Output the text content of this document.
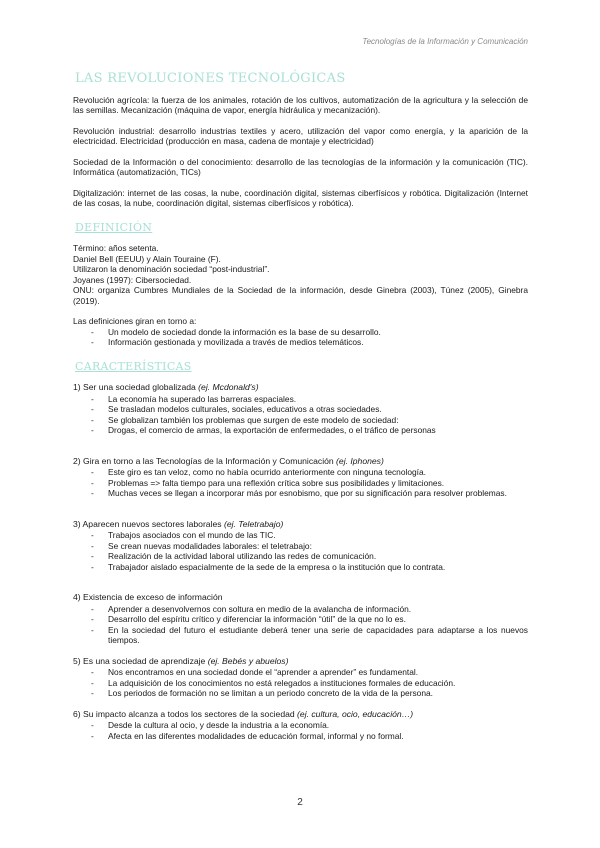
Tecnologías de la Información y Comunicación
LAS REVOLUCIONES TECNOLÓGICAS

Revolución agrícola: la fuerza de los animales, rotación de los cultivos, automatización de la agricultura y la selección de las semillas. Mecanización (máquina de vapor, energía hidráulica y mecanización).

Revolución industrial: desarrollo industrias textiles y acero, utilización del vapor como energía, y la aparición de la electricidad. Electricidad (producción en masa, cadena de montaje y electricidad)

Sociedad de la Información o del conocimiento: desarrollo de las tecnologías de la información y la comunicación (TIC). Informática (automatización, TICs)

Digitalización: internet de las cosas, la nube, coordinación digital, sistemas ciberfísicos y robótica. Digitalización (Internet de las cosas, la nube, coordinación digital, sistemas ciberfísicos y robótica).

DEFINICIÓN

Término: años setenta.

Daniel Bell (EEUU) y Alain Touraine (F).

Utilizaron la denominación sociedad “post-industrial”.

Joyanes (1997): Cibersociedad.

ONU: organiza Cumbres Mundiales de la Sociedad de la información, desde Ginebra (2003), Túnez (2005), Ginebra (2019).

Las definiciones giran en torno a:

- Un modelo de sociedad donde la información es la base de su desarrollo.
- Información gestionada y movilizada a través de medios telemáticos.
CARACTERÍSTICAS
1) Ser una sociedad globalizada (ej. Mcdonald's)
- La economía ha superado las barreras espaciales.
- Se trasladan modelos culturales, sociales, educativos a otras sociedades.
- Se globalizan también los problemas que surgen de este modelo de sociedad:
- Drogas, el comercio de armas, la exportación de enfermedades, o el tráfico de personas
2) Gira en torno a las Tecnologías de la Información y Comunicación (ej. Iphones)
- Este giro es tan veloz, como no había ocurrido anteriormente con ninguna tecnología.
- Problemas => falta tiempo para una reflexión crítica sobre sus posibilidades y limitaciones.
- Muchas veces se llegan a incorporar más por esnobismo, que por su significación para resolver problemas.
3) Aparecen nuevos sectores laborales (ej. Teletrabajo)
- Trabajos asociados con el mundo de las TIC.
- Se crean nuevas modalidades laborales: el teletrabajo:
- Realización de la actividad laboral utilizando las redes de comunicación.
- Trabajador aislado espacialmente de la sede de la empresa o la institución que lo contrata.
4) Existencia de exceso de información
- Aprender a desenvolvernos con soltura en medio de la avalancha de información.
- Desarrollo del espíritu crítico y diferenciar la información “útil” de la que no lo es.
- En la sociedad del futuro el estudiante deberá tener una serie de capacidades para adaptarse a los nuevos tiempos.
5) Es una sociedad de aprendizaje (ej. Bebés y abuelos)
- Nos encontramos en una sociedad donde el “aprender a aprender” es fundamental.
- La adquisición de los conocimientos no está relegados a instituciones formales de educación.
- Los periodos de formación no se limitan a un periodo concreto de la vida de la persona.
6) Su impacto alcanza a todos los sectores de la sociedad (ej. cultura, ocio, educación…)
- Desde la cultura al ocio, y desde la industria a la economía.
- Afecta en las diferentes modalidades de educación formal, informal y no formal.
2
